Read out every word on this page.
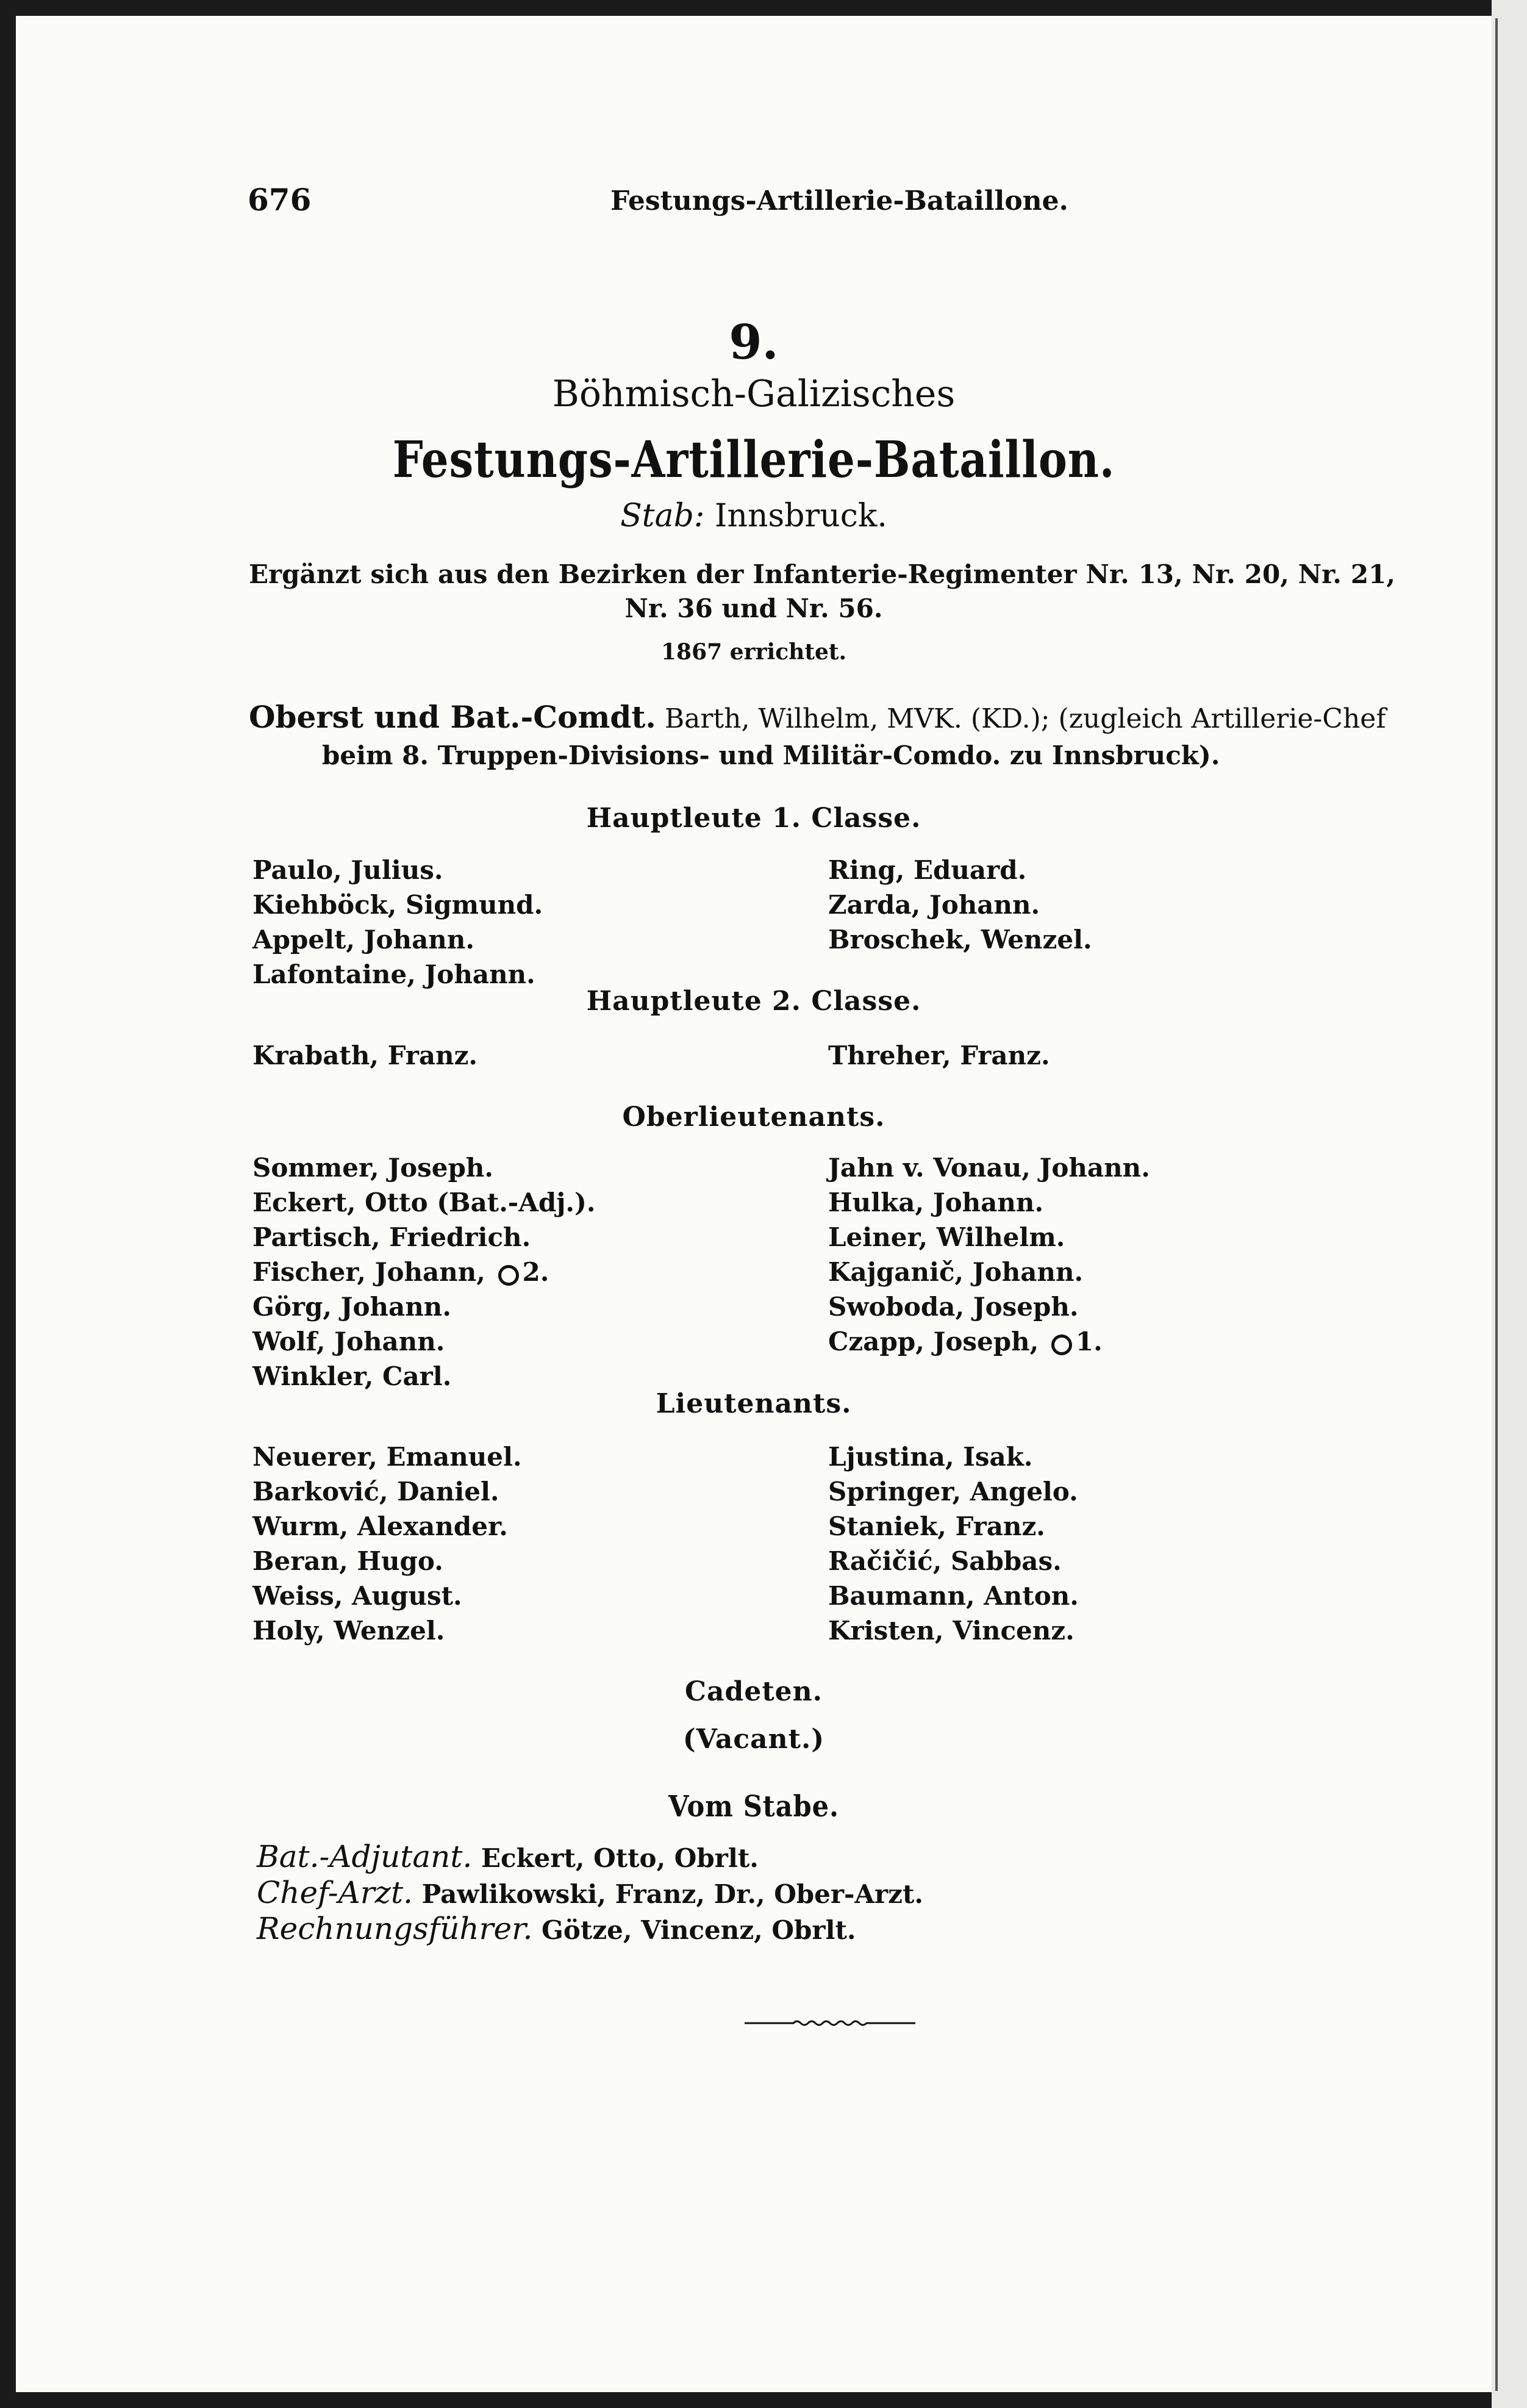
676	Festungs-Artillerie-Bataillone.
9.
Böhmisch-Galizisches
Festungs-Artillerie-Bataillon.
Stab: Innsbruck.
Ergänzt sich aus den Bezirken der Infanterie-Regimenter Nr. 13, Nr. 20, Nr. 21,
Nr. 36 und Nr. 56.
1867 errichtet.
Oberst und Bat.-Comdt. Barth, Wilhelm, MVK. (KD.); (zugleich Artillerie-Chef
beim 8. Truppen-Divisions- und Militär-Comdo. zu Innsbruck).
Hauptleute 1. Classe.
Paulo, Julius.
Kiehböck, Sigmund.
Appelt, Johann.
Lafontaine, Johann.
Ring, Eduard.
Zarda, Johann.
Broschek, Wenzel.
Hauptleute 2. Classe.
Krabath, Franz.	Threher, Franz.
Oberlieutenants.
Sommer, Joseph.
Eckert, Otto (Bat.-Adj.).
Partisch, Friedrich.
Fischer, Johann, 2.
Görg, Johann.
Wolf, Johann.
Winkler, Carl.
Jahn v. Vonau, Johann.
Hulka, Johann.
Leiner, Wilhelm.
Kajganič, Johann.
Swoboda, Joseph.
Czapp, Joseph, 1.
Lieutenants.
Neuerer, Emanuel.
Barković, Daniel.
Wurm, Alexander.
Beran, Hugo.
Weiss, August.
Holy, Wenzel.
Ljustina, Isak.
Springer, Angelo.
Staniek, Franz.
Račičić, Sabbas.
Baumann, Anton.
Kristen, Vincenz.
Cadeten.
(Vacant.)
Vom Stabe.
Bat.-Adjutant. Eckert, Otto, Obrlt.
Chef-Arzt. Pawlikowski, Franz, Dr., Ober-Arzt.
Rechnungsführer. Götze, Vincenz, Obrlt.
